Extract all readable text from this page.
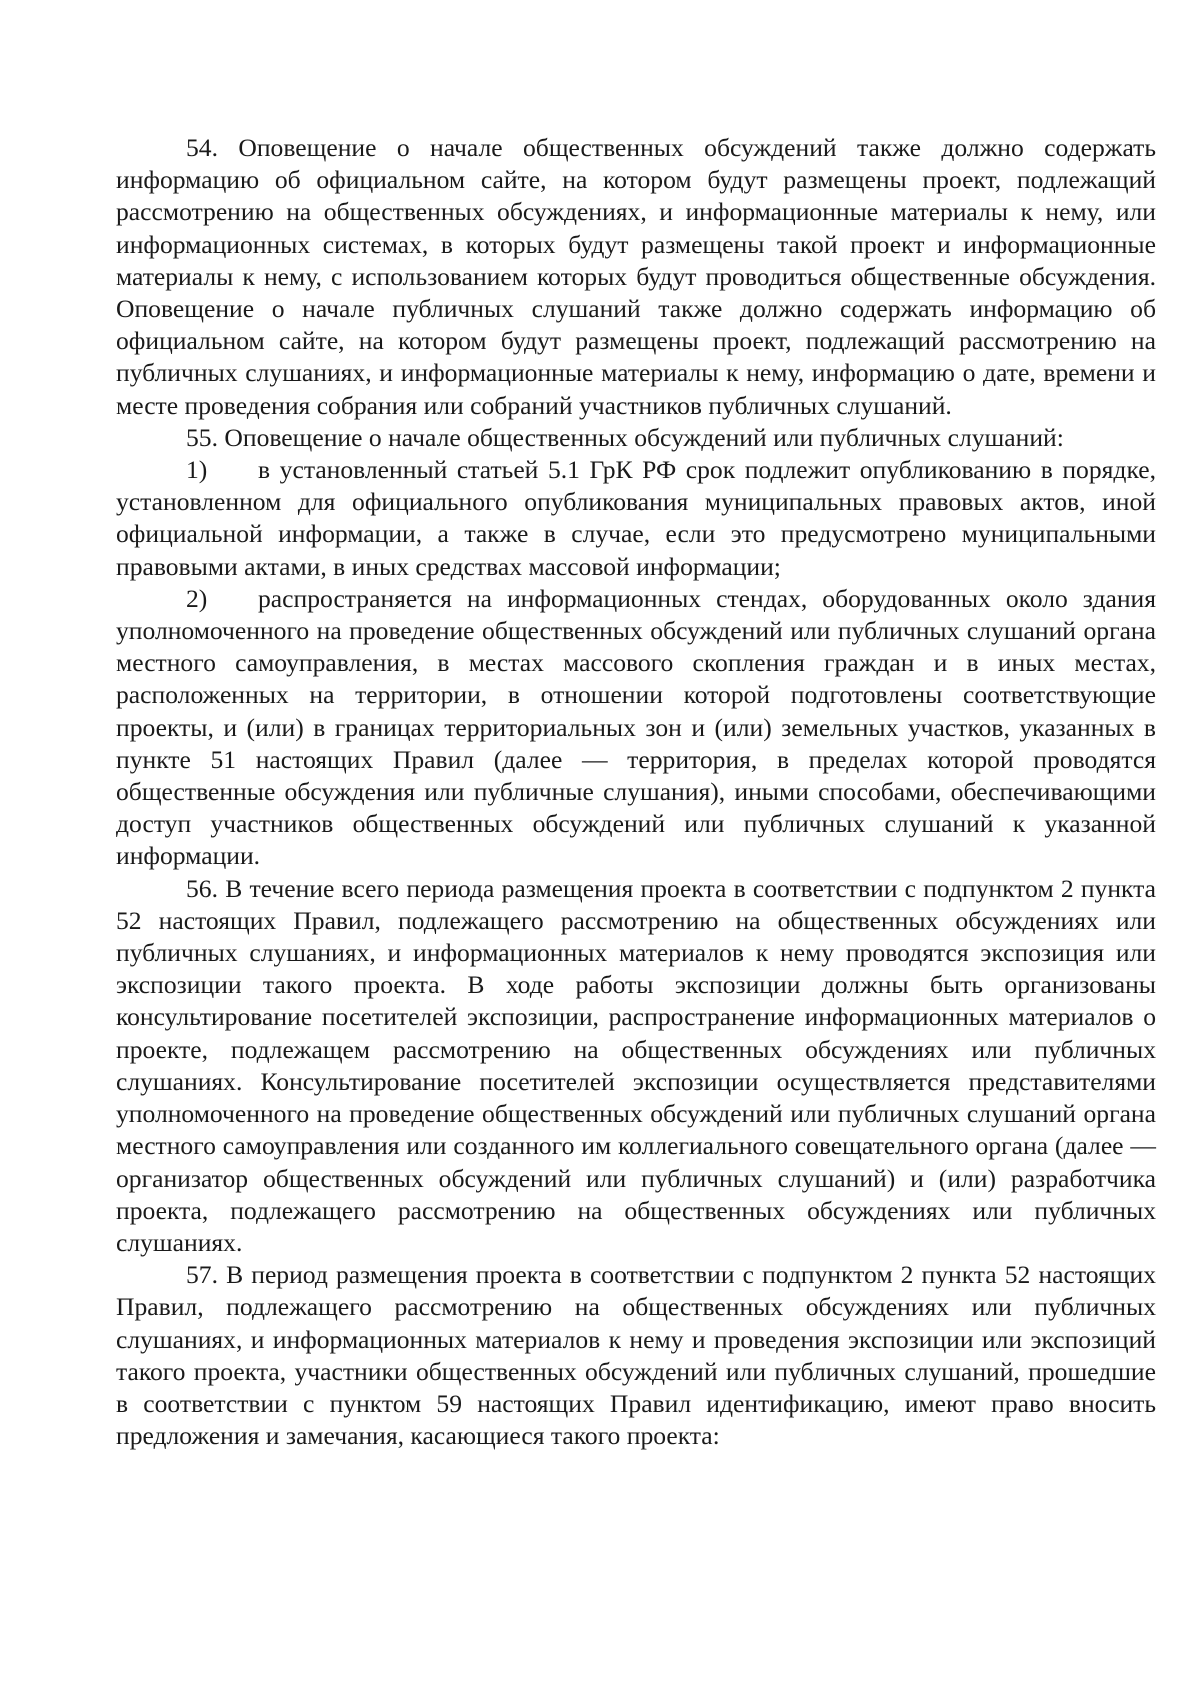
54. Оповещение о начале общественных обсуждений также должно содержать информацию об официальном сайте, на котором будут размещены проект, подлежащий рассмотрению на общественных обсуждениях, и информационные материалы к нему, или информационных системах, в которых будут размещены такой проект и информационные материалы к нему, с использованием которых будут проводиться общественные обсуждения. Оповещение о начале публичных слушаний также должно содержать информацию об официальном сайте, на котором будут размещены проект, подлежащий рассмотрению на публичных слушаниях, и информационные материалы к нему, информацию о дате, времени и месте проведения собрания или собраний участников публичных слушаний.

55. Оповещение о начале общественных обсуждений или публичных слушаний:

1) в установленный статьей 5.1 ГрК РФ срок подлежит опубликованию в порядке, установленном для официального опубликования муниципальных правовых актов, иной официальной информации, а также в случае, если это предусмотрено муниципальными правовыми актами, в иных средствах массовой информации;

2) распространяется на информационных стендах, оборудованных около здания уполномоченного на проведение общественных обсуждений или публичных слушаний органа местного самоуправления, в местах массового скопления граждан и в иных местах, расположенных на территории, в отношении которой подготовлены соответствующие проекты, и (или) в границах территориальных зон и (или) земельных участков, указанных в пункте 51 настоящих Правил (далее — территория, в пределах которой проводятся общественные обсуждения или публичные слушания), иными способами, обеспечивающими доступ участников общественных обсуждений или публичных слушаний к указанной информации.

56. В течение всего периода размещения проекта в соответствии с подпунктом 2 пункта 52 настоящих Правил, подлежащего рассмотрению на общественных обсуждениях или публичных слушаниях, и информационных материалов к нему проводятся экспозиция или экспозиции такого проекта. В ходе работы экспозиции должны быть организованы консультирование посетителей экспозиции, распространение информационных материалов о проекте, подлежащем рассмотрению на общественных обсуждениях или публичных слушаниях. Консультирование посетителей экспозиции осуществляется представителями уполномоченного на проведение общественных обсуждений или публичных слушаний органа местного самоуправления или созданного им коллегиального совещательного органа (далее — организатор общественных обсуждений или публичных слушаний) и (или) разработчика проекта, подлежащего рассмотрению на общественных обсуждениях или публичных слушаниях.

57. В период размещения проекта в соответствии с подпунктом 2 пункта 52 настоящих Правил, подлежащего рассмотрению на общественных обсуждениях или публичных слушаниях, и информационных материалов к нему и проведения экспозиции или экспозиций такого проекта, участники общественных обсуждений или публичных слушаний, прошедшие в соответствии с пунктом 59 настоящих Правил идентификацию, имеют право вносить предложения и замечания, касающиеся такого проекта:
